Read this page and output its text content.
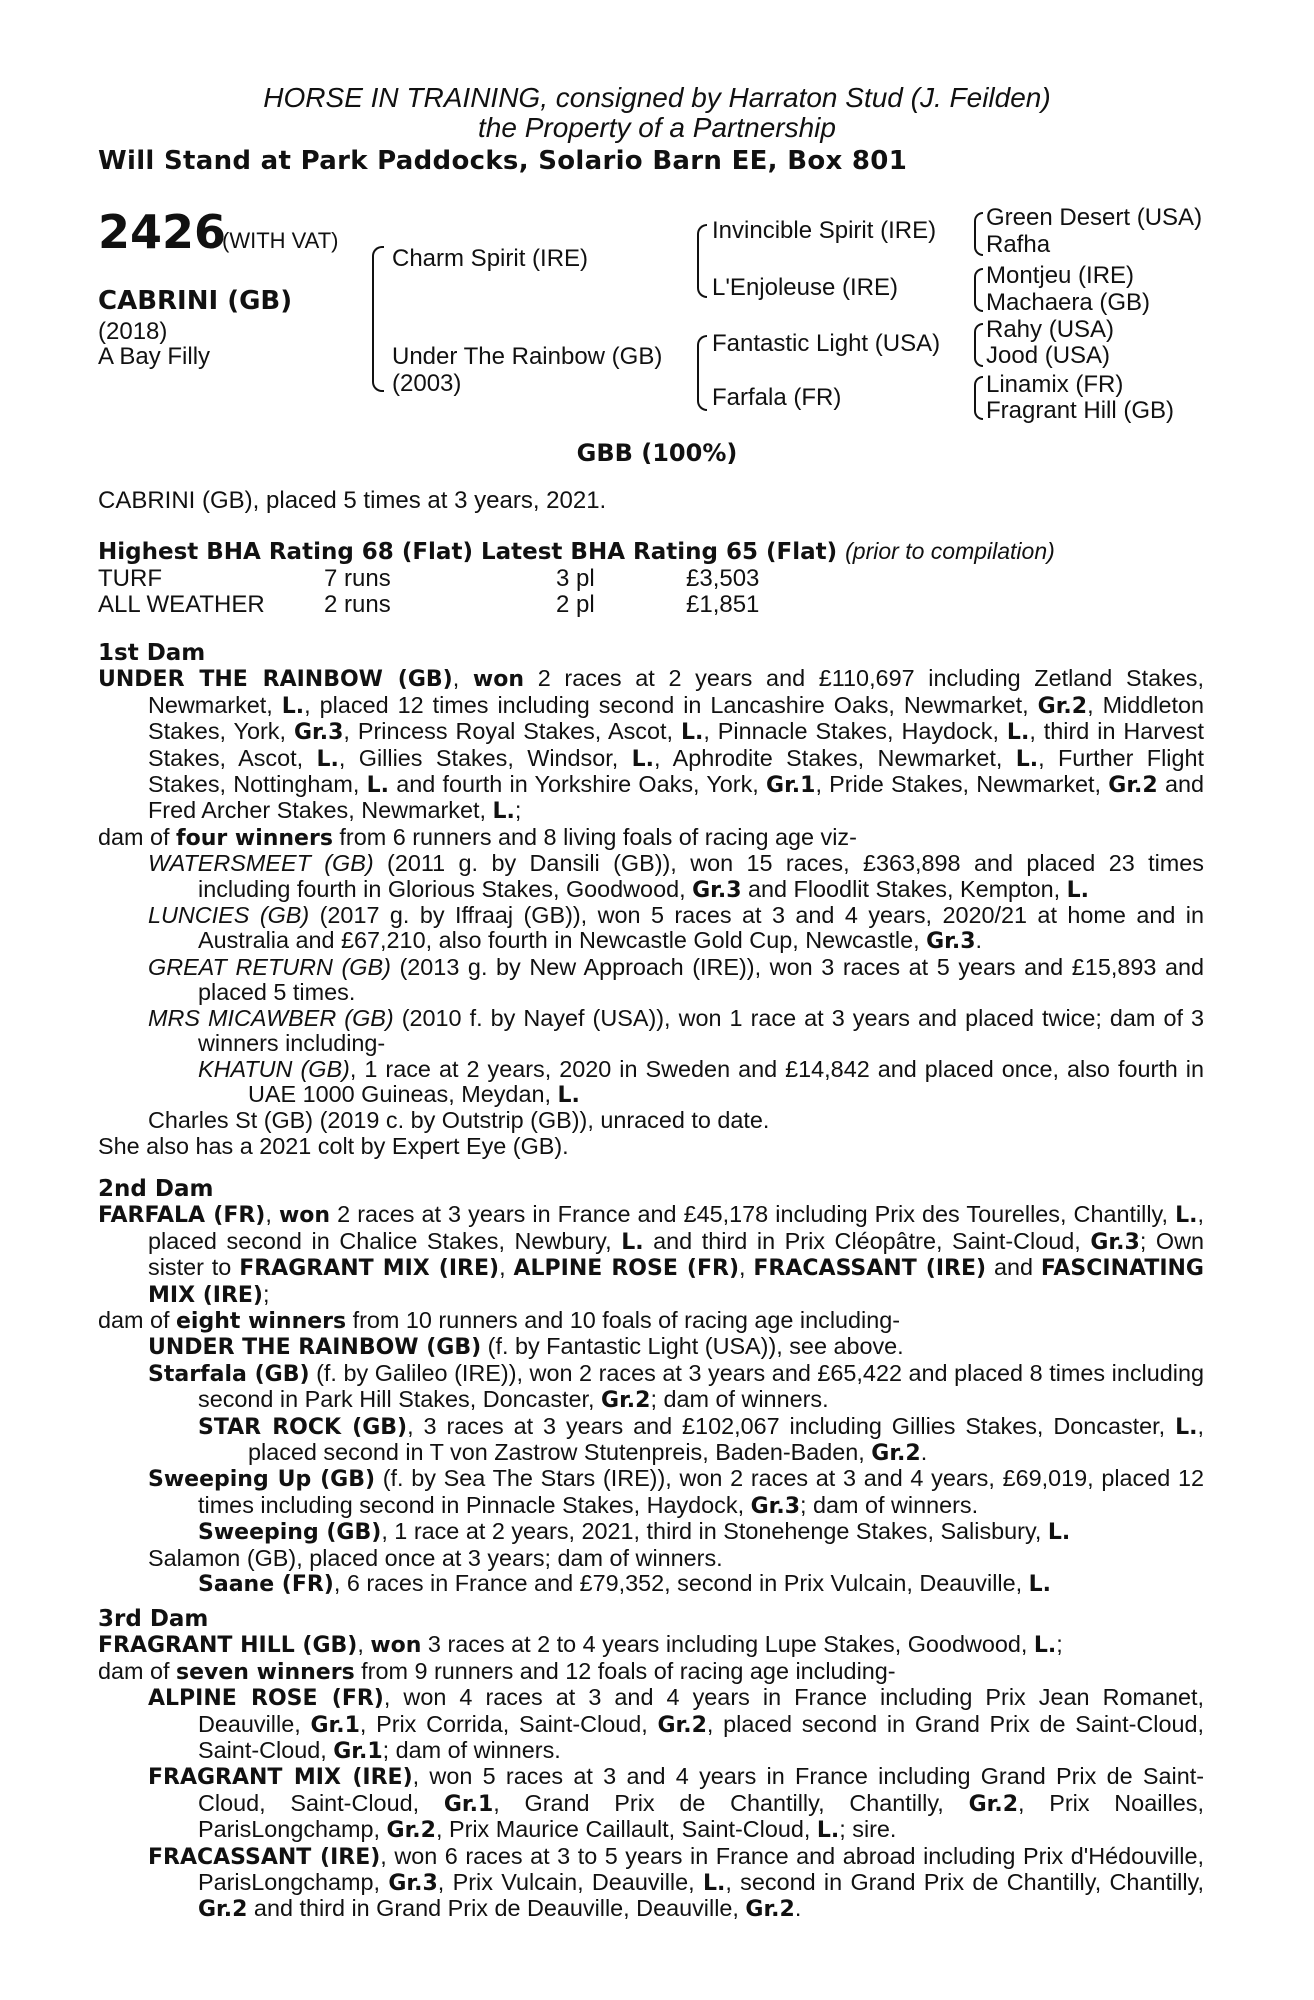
HORSE IN TRAINING, consigned by Harraton Stud (J. Feilden)
the Property of a Partnership
Will Stand at Park Paddocks, Solario Barn EE, Box 801
2426
(WITH VAT)
CABRINI (GB)
(2018)
A Bay Filly
Charm Spirit (IRE)
Under The Rainbow (GB)
(2003)
Invincible Spirit (IRE)
L'Enjoleuse (IRE)
Fantastic Light (USA)
Farfala (FR)
Green Desert (USA)
Rafha
Montjeu (IRE)
Machaera (GB)
Rahy (USA)
Jood (USA)
Linamix (FR)
Fragrant Hill (GB)
GBB (100%)
CABRINI (GB), placed 5 times at 3 years, 2021.
Highest BHA Rating 68 (Flat) Latest BHA Rating 65 (Flat) (prior to compilation)
TURF	7 runs	3 pl	£3,503
ALL WEATHER 2 runs	2 pl	£1,851
1st Dam

UNDER THE RAINBOW (GB), won 2 races at 2 years and £110,697 including Zetland Stakes, Newmarket, L., placed 12 times including second in Lancashire Oaks, Newmarket, Gr.2, Middleton Stakes, York, Gr.3, Princess Royal Stakes, Ascot, L., Pinnacle Stakes, Haydock, L., third in Harvest Stakes, Ascot, L., Gillies Stakes, Windsor, L., Aphrodite Stakes, Newmarket, L., Further Flight Stakes, Nottingham, L. and fourth in Yorkshire Oaks, York, Gr.1, Pride Stakes, Newmarket, Gr.2 and Fred Archer Stakes, Newmarket, L.;

dam of four winners from 6 runners and 8 living foals of racing age viz-

WATERSMEET (GB) (2011 g. by Dansili (GB)), won 15 races, £363,898 and placed 23 times including fourth in Glorious Stakes, Goodwood, Gr.3 and Floodlit Stakes, Kempton, L.

LUNCIES (GB) (2017 g. by Iffraaj (GB)), won 5 races at 3 and 4 years, 2020/21 at home and in Australia and £67,210, also fourth in Newcastle Gold Cup, Newcastle, Gr.3.

GREAT RETURN (GB) (2013 g. by New Approach (IRE)), won 3 races at 5 years and £15,893 and placed 5 times.

MRS MICAWBER (GB) (2010 f. by Nayef (USA)), won 1 race at 3 years and placed twice; dam of 3 winners including-

KHATUN (GB), 1 race at 2 years, 2020 in Sweden and £14,842 and placed once, also fourth in UAE 1000 Guineas, Meydan, L.

Charles St (GB) (2019 c. by Outstrip (GB)), unraced to date.

She also has a 2021 colt by Expert Eye (GB).

2nd Dam

FARFALA (FR), won 2 races at 3 years in France and £45,178 including Prix des Tourelles, Chantilly, L., placed second in Chalice Stakes, Newbury, L. and third in Prix Cléopâtre, Saint-Cloud, Gr.3; Own sister to FRAGRANT MIX (IRE), ALPINE ROSE (FR), FRACASSANT (IRE) and FASCINATING MIX (IRE);

dam of eight winners from 10 runners and 10 foals of racing age including-

UNDER THE RAINBOW (GB) (f. by Fantastic Light (USA)), see above.

Starfala (GB) (f. by Galileo (IRE)), won 2 races at 3 years and £65,422 and placed 8 times including second in Park Hill Stakes, Doncaster, Gr.2; dam of winners.

STAR ROCK (GB), 3 races at 3 years and £102,067 including Gillies Stakes, Doncaster, L., placed second in T von Zastrow Stutenpreis, Baden-Baden, Gr.2.

Sweeping Up (GB) (f. by Sea The Stars (IRE)), won 2 races at 3 and 4 years, £69,019, placed 12 times including second in Pinnacle Stakes, Haydock, Gr.3; dam of winners.

Sweeping (GB), 1 race at 2 years, 2021, third in Stonehenge Stakes, Salisbury, L.

Salamon (GB), placed once at 3 years; dam of winners.

Saane (FR), 6 races in France and £79,352, second in Prix Vulcain, Deauville, L.

3rd Dam

FRAGRANT HILL (GB), won 3 races at 2 to 4 years including Lupe Stakes, Goodwood, L.;

dam of seven winners from 9 runners and 12 foals of racing age including-

ALPINE ROSE (FR), won 4 races at 3 and 4 years in France including Prix Jean Romanet, Deauville, Gr.1, Prix Corrida, Saint-Cloud, Gr.2, placed second in Grand Prix de Saint-Cloud, Saint-Cloud, Gr.1; dam of winners.

FRAGRANT MIX (IRE), won 5 races at 3 and 4 years in France including Grand Prix de Saint-Cloud, Saint-Cloud, Gr.1, Grand Prix de Chantilly, Chantilly, Gr.2, Prix Noailles, ParisLongchamp, Gr.2, Prix Maurice Caillault, Saint-Cloud, L.; sire.

FRACASSANT (IRE), won 6 races at 3 to 5 years in France and abroad including Prix d'Hédouville, ParisLongchamp, Gr.3, Prix Vulcain, Deauville, L., second in Grand Prix de Chantilly, Chantilly, Gr.2 and third in Grand Prix de Deauville, Deauville, Gr.2.
